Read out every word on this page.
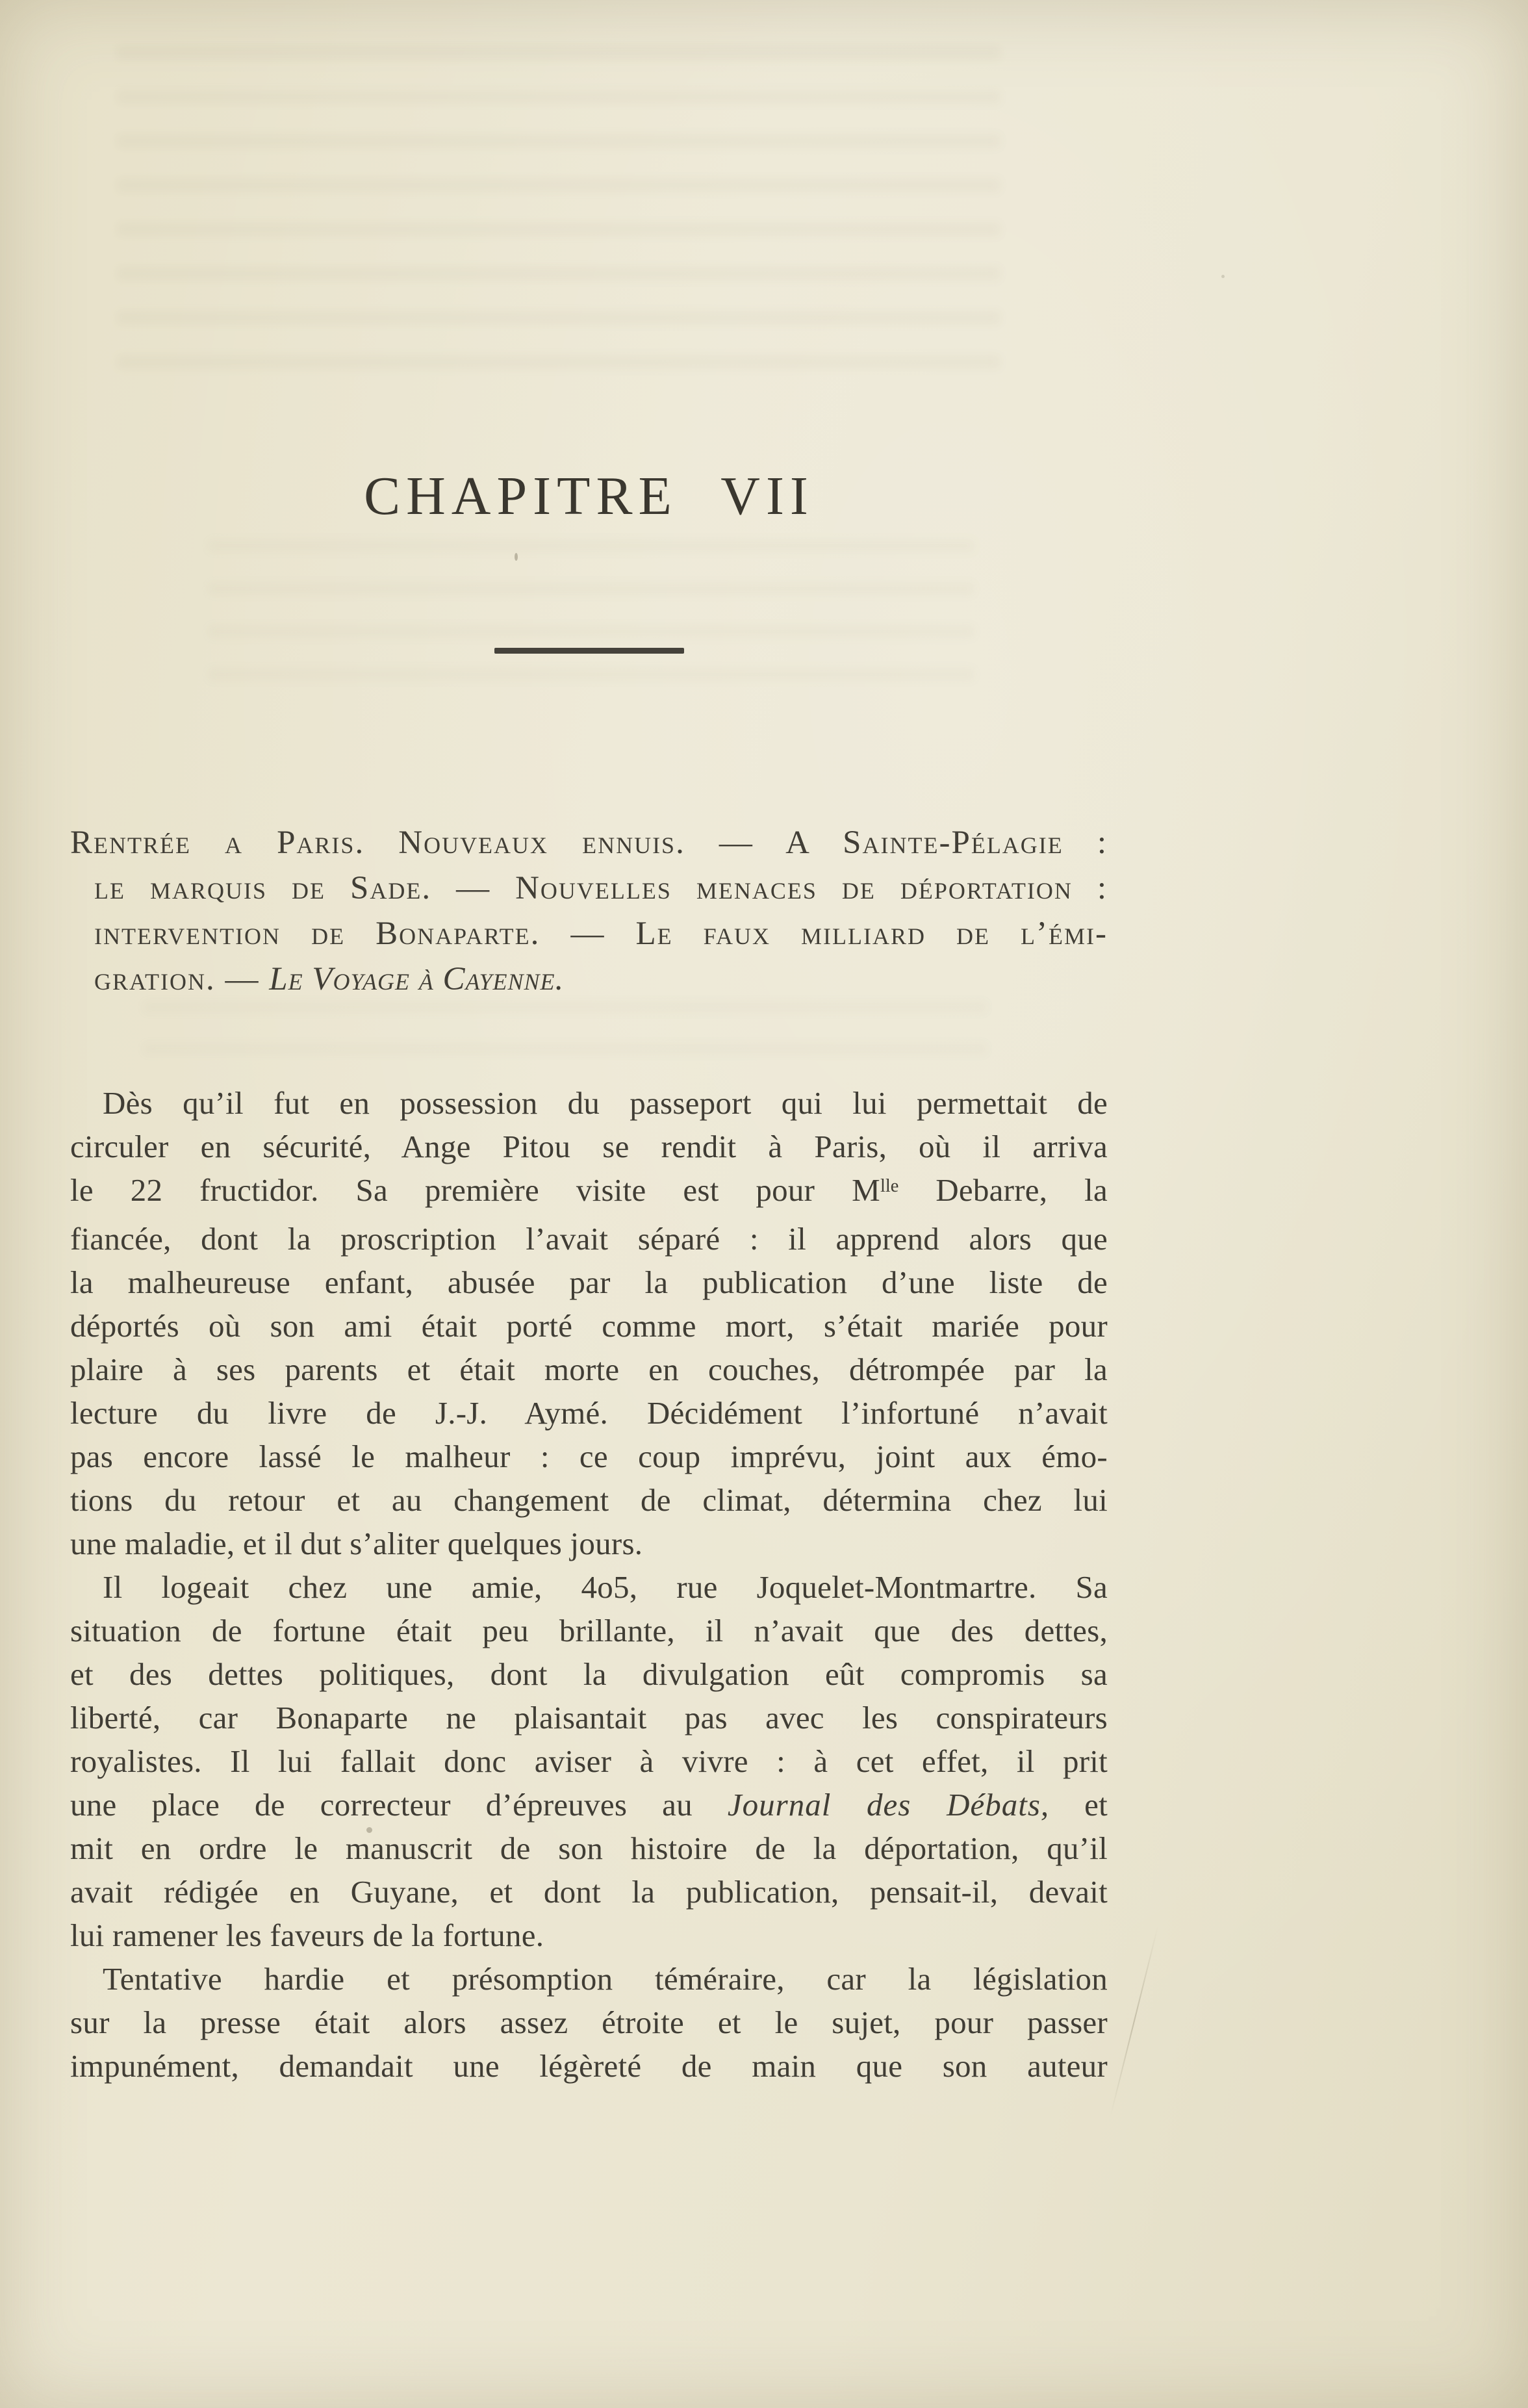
CHAPITRE VII
Rentrée a Paris. Nouveaux ennuis. — A Sainte-Pélagie :
le marquis de Sade. — Nouvelles menaces de déportation :
intervention de Bonaparte. — Le faux milliard de l’émi-
gration. — Le Voyage à Cayenne.
Dès qu’il fut en possession du passeport qui lui permettait de
circuler en sécurité, Ange Pitou se rendit à Paris, où il arriva
le 22 fructidor. Sa première visite est pour $M^{lle}$ Debarre, la
fiancée, dont la proscription l’avait séparé : il apprend alors que
la malheureuse enfant, abusée par la publication d’une liste de
déportés où son ami était porté comme mort, s’était mariée pour
plaire à ses parents et était morte en couches, détrompée par la
lecture du livre de J.-J. Aymé. Décidément l’infortuné n’avait
pas encore lassé le malheur : ce coup imprévu, joint aux émo-
tions du retour et au changement de climat, détermina chez lui
une maladie, et il dut s’aliter quelques jours.
Il logeait chez une amie, 4o5, rue Joquelet-Montmartre. Sa
situation de fortune était peu brillante, il n’avait que des dettes,
et des dettes politiques, dont la divulgation eût compromis sa
liberté, car Bonaparte ne plaisantait pas avec les conspirateurs
royalistes. Il lui fallait donc aviser à vivre : à cet effet, il prit
une place de correcteur d’épreuves au Journal des Débats, et
mit en ordre le manuscrit de son histoire de la déportation, qu’il
avait rédigée en Guyane, et dont la publication, pensait-il, devait
lui ramener les faveurs de la fortune.
Tentative hardie et présomption téméraire, car la législation
sur la presse était alors assez étroite et le sujet, pour passer
impunément, demandait une légèreté de main que son auteur
